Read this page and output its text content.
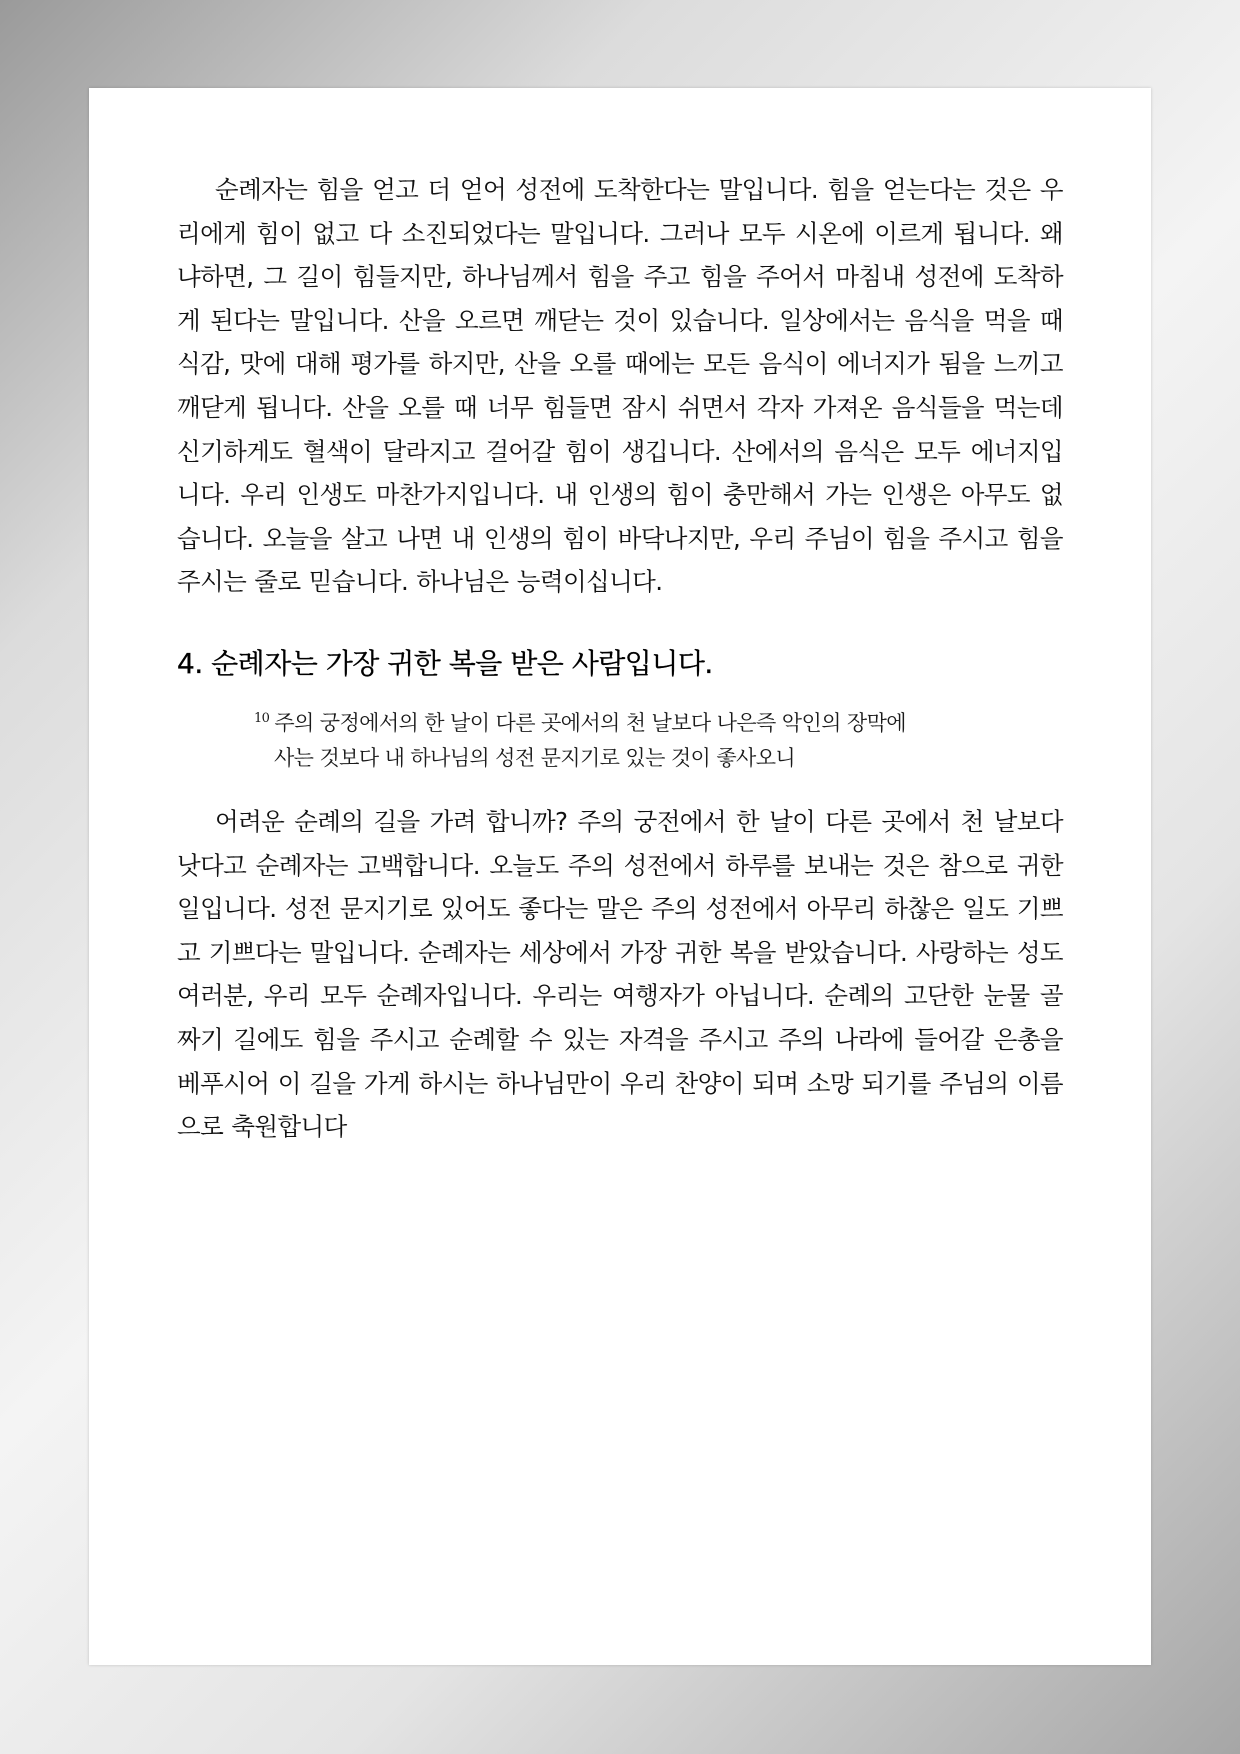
순례자는 힘을 얻고 더 얻어 성전에 도착한다는 말입니다. 힘을 얻는다는 것은 우리에게 힘이 없고 다 소진되었다는 말입니다. 그러나 모두 시온에 이르게 됩니다. 왜냐하면, 그 길이 힘들지만, 하나님께서 힘을 주고 힘을 주어서 마침내 성전에 도착하게 된다는 말입니다. 산을 오르면 깨닫는 것이 있습니다. 일상에서는 음식을 먹을 때 식감, 맛에 대해 평가를 하지만, 산을 오를 때에는 모든 음식이 에너지가 됨을 느끼고 깨닫게 됩니다. 산을 오를 때 너무 힘들면 잠시 쉬면서 각자 가져온 음식들을 먹는데 신기하게도 혈색이 달라지고 걸어갈 힘이 생깁니다. 산에서의 음식은 모두 에너지입니다. 우리 인생도 마찬가지입니다. 내 인생의 힘이 충만해서 가는 인생은 아무도 없습니다. 오늘을 살고 나면 내 인생의 힘이 바닥나지만, 우리 주님이 힘을 주시고 힘을 주시는 줄로 믿습니다. 하나님은 능력이십니다.

4. 순례자는 가장 귀한 복을 받은 사람입니다.
$^{10}$ 주의 궁정에서의 한 날이 다른 곳에서의 천 날보다 나은즉 악인의 장막에
사는 것보다 내 하나님의 성전 문지기로 있는 것이 좋사오니

어려운 순례의 길을 가려 합니까? 주의 궁전에서 한 날이 다른 곳에서 천 날보다 낫다고 순례자는 고백합니다. 오늘도 주의 성전에서 하루를 보내는 것은 참으로 귀한 일입니다. 성전 문지기로 있어도 좋다는 말은 주의 성전에서 아무리 하찮은 일도 기쁘고 기쁘다는 말입니다. 순례자는 세상에서 가장 귀한 복을 받았습니다. 사랑하는 성도 여러분, 우리 모두 순례자입니다. 우리는 여행자가 아닙니다. 순례의 고단한 눈물 골짜기 길에도 힘을 주시고 순례할 수 있는 자격을 주시고 주의 나라에 들어갈 은총을 베푸시어 이 길을 가게 하시는 하나님만이 우리 찬양이 되며 소망 되기를 주님의 이름으로 축원합니다
